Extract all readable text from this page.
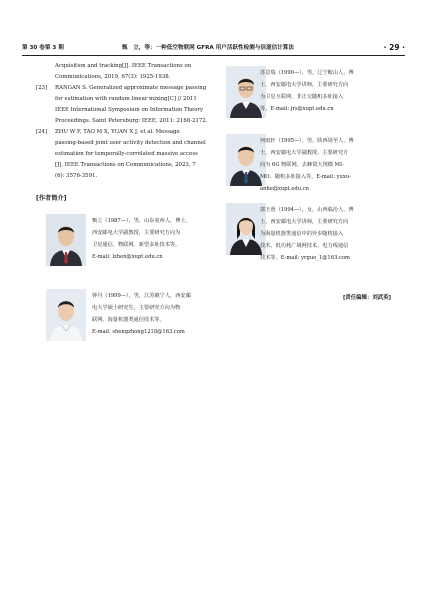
第 30 卷第 3 期	甄　立，等：一种低空物联网 GFRA 用户活跃性检测与信道估计算法	· 29 ·
Acquisition and tracking[J]. IEEE Transactions on
Communications, 2019, 67(3): 1925-1938.
[23] RANGAN S. Generalized approximate message passing
for estimation with random linear mixing[C] // 2011
IEEE International Symposium on Information Theory
Proceedings. Saint Petersburg: IEEE, 2011: 2168-2172.
[24] ZHU W F, TAO M X, YUAN X J, et al. Message
passing-based joint user activity detection and channel
estimation for temporally-correlated massive access
[J]. IEEE Transactions on Communications, 2023, 7
(6): 3576-3591.
[作者简介]
甄立（1987—），男，山东兖州人，博士，
西安邮电大学副教授，主要研究方向为
卫星通信、物联网、新型多址技术等。
E-mail: lzhen@xupt.edu.cn
钟丹（1999—），男，江苏睢宁人，西安邮
电大学硕士研究生，主要研究方向为物
联网、海量机器类通信技术等。
E-mail: shengzhong1218@163.com
苏景瑞（1990—），男，辽宁鞍山人，博
士，西安邮电大学讲师，主要研究方向
为卫星互联网、非正交随机多址接入
等。E-mail: jrs@xupt.edu.cn
何雨轩（1995—），男，陕西周至人，博
士，西安邮电大学副教授，主要研究方
向为 6G 物联网、去蜂窝大规模 MI-
MO、随机多址接入等。E-mail: yuxu-
anhe@xupt.edu.cn
郭玉蓉（1994—），女，山西临汾人，博
士，西安邮电大学讲师，主要研究方向
为海量机器类通信中的异步随机接入
技术、低功耗广域网技术、电力线通信
技术等。E-mail: yrguo_1@163.com
[责任编辑：刘武英]
